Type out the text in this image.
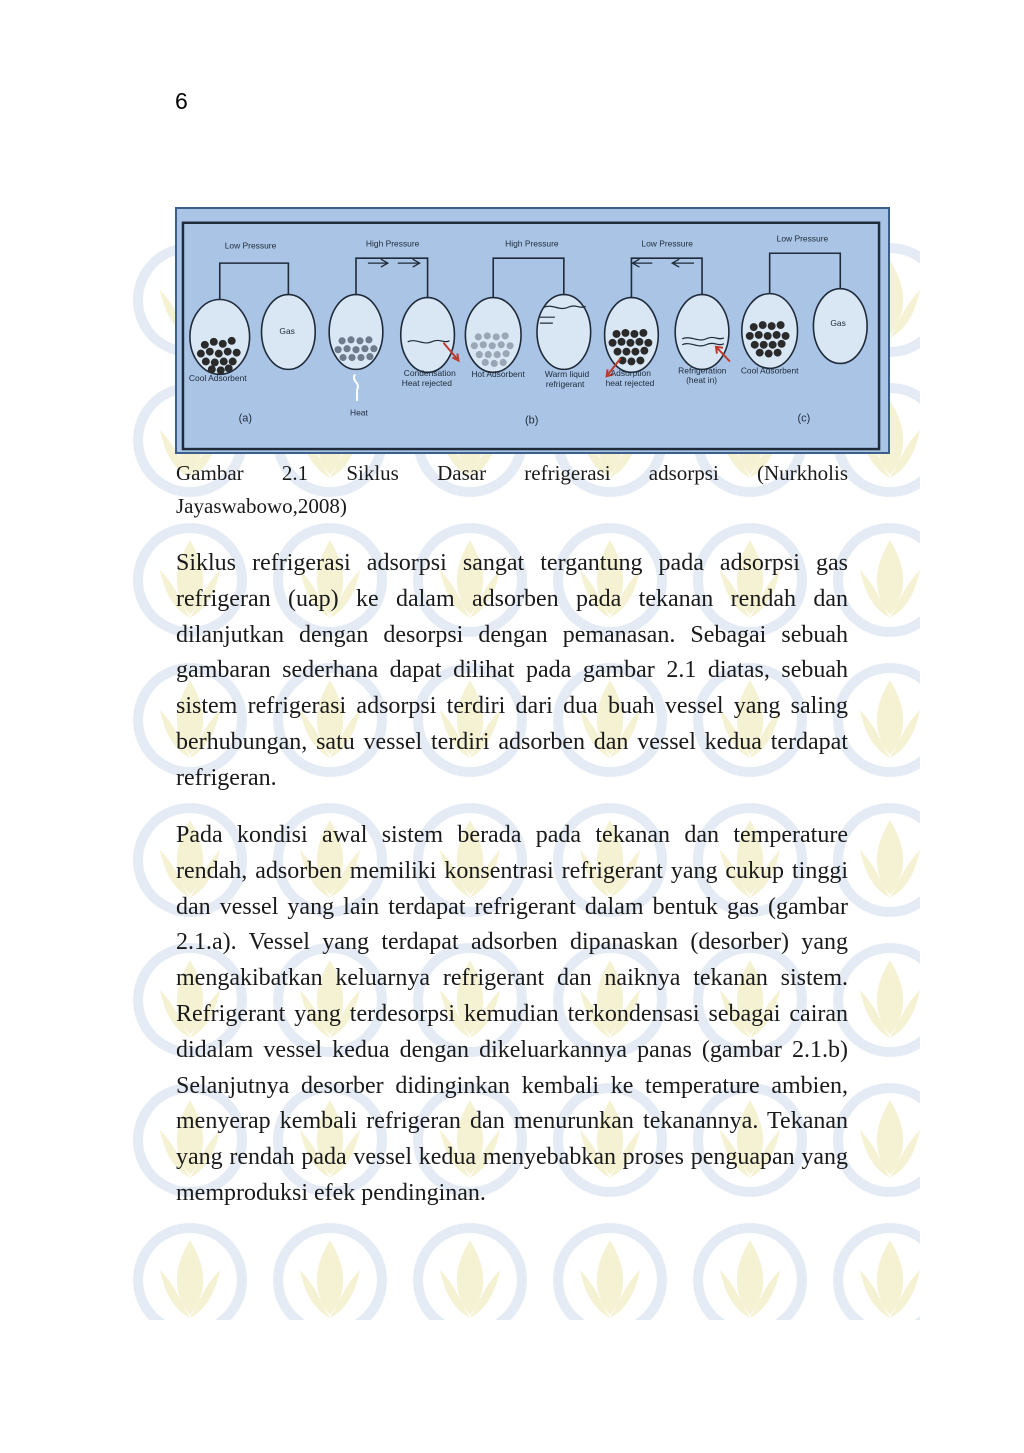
6
Low Pressure
Gas
Cool Adsorbent
(a)
High Pressure
Heat
Condensation
Heat rejected
High Pressure
Hot Adsorbent Warm liquid
refrigerant
Low Pressure
Adsorption
heat rejected
Refrigeration
(heat in)
(b)
Low Pressure
Gas
Cool Adsorbent
(c)
Gambar 2.1 Siklus Dasar refrigerasi adsorpsi (Nurkholis
Jayaswabowo,2008)

Siklus refrigerasi adsorpsi sangat tergantung pada adsorpsi gas refrigeran (uap) ke dalam adsorben pada tekanan rendah dan dilanjutkan dengan desorpsi dengan pemanasan. Sebagai sebuah gambaran sederhana dapat dilihat pada gambar 2.1 diatas, sebuah sistem refrigerasi adsorpsi terdiri dari dua buah vessel yang saling berhubungan, satu vessel terdiri adsorben dan vessel kedua terdapat refrigeran.

Pada kondisi awal sistem berada pada tekanan dan temperature rendah, adsorben memiliki konsentrasi refrigerant yang cukup tinggi dan vessel yang lain terdapat refrigerant dalam bentuk gas (gambar 2.1.a). Vessel yang terdapat adsorben dipanaskan (desorber) yang mengakibatkan keluarnya refrigerant dan naiknya tekanan sistem. Refrigerant yang terdesorpsi kemudian terkondensasi sebagai cairan didalam vessel kedua dengan dikeluarkannya panas (gambar 2.1.b) Selanjutnya desorber didinginkan kembali ke temperature ambien, menyerap kembali refrigeran dan menurunkan tekanannya. Tekanan yang rendah pada vessel kedua menyebabkan proses penguapan yang memproduksi efek pendinginan.
